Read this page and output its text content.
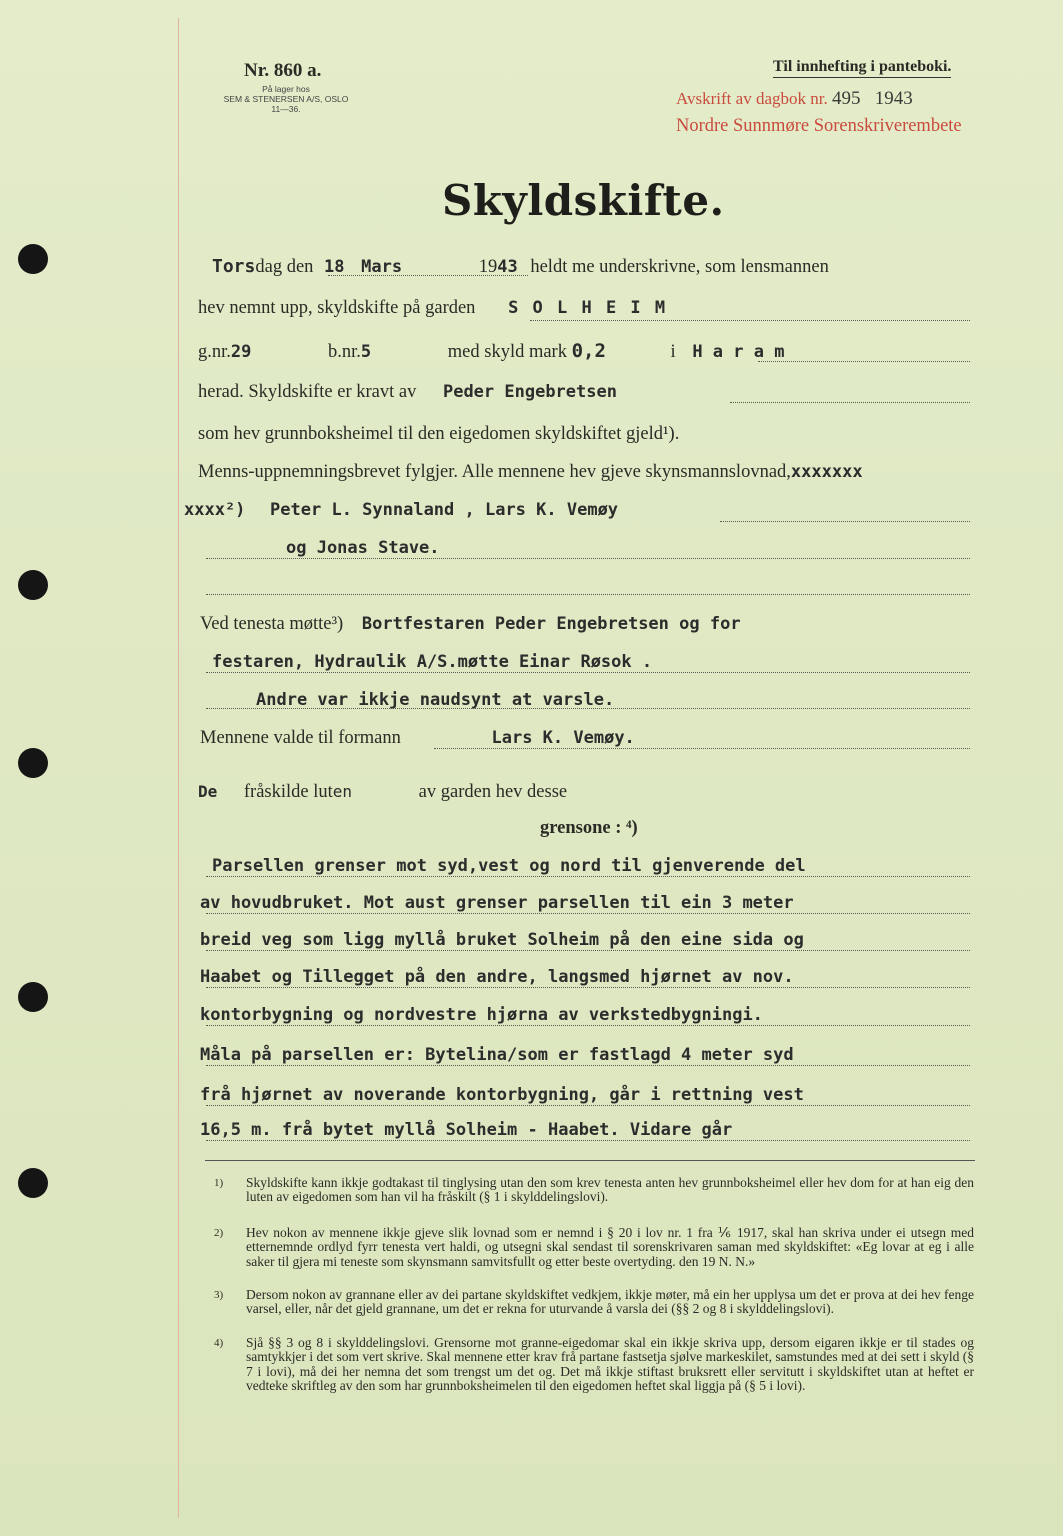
Nr. 860 a.
På lager hos
SEM & STENERSEN A/S, OSLO
11—36.
Til innhefting i panteboki.
Avskrift av dagbok nr. 495 1943
Nordre Sunnmøre Sorenskriverembete
Skyldskifte.
Torsdag den 18 Mars	1943 heldt me underskrivne, som lensmannen
hev nemnt upp, skyldskifte på garden S O L H E I M
g.nr.29	b.nr.5	med skyld mark 0,2	i H a r a m
herad. Skyldskifte er kravt av Peder Engebretsen
som hev grunnboksheimel til den eigedomen skyldskiftet gjeld¹).
Menns-uppnemningsbrevet fylgjer. Alle mennene hev gjeve skynsmannslovnad,xxxxxxx
xxxx²) Peter L. Synnaland , Lars K. Vemøy
og Jonas Stave.
Ved tenesta møtte³) Bortfestaren Peder Engebretsen og for
festaren, Hydraulik A/S.møtte Einar Røsok .
Andre var ikkje naudsynt at varsle.
Mennene valde til formann	Lars K. Vemøy.
De fråskilde luten	av garden hev desse
grensone : ⁴)
Parsellen grenser mot syd,vest og nord til gjenverende del
av hovudbruket. Mot aust grenser parsellen til ein 3 meter
breid veg som ligg myllå bruket Solheim på den eine sida og
Haabet og Tillegget på den andre, langsmed hjørnet av nov.
kontorbygning og nordvestre hjørna av verkstedbygningi.
Måla på parsellen er: Bytelina/som er fastlagd 4 meter syd
frå hjørnet av noverande kontorbygning, går i rettning vest
16,5 m. frå bytet myllå Solheim - Haabet. Vidare går
1) Skyldskifte kann ikkje godtakast til tinglysing utan den som krev tenesta anten hev grunnboksheimel eller hev dom for at han eig den luten av eigedomen som han vil ha fråskilt (§ 1 i skylddelingslovi).
2) Hev nokon av mennene ikkje gjeve slik lovnad som er nemnd i § 20 i lov nr. 1 fra ⅙ 1917, skal han skriva under ei utsegn med etternemnde ordlyd fyrr tenesta vert haldi, og utsegni skal sendast til sorenskrivaren saman med skyldskiftet: «Eg lovar at eg i alle saker til gjera mi teneste som skynsmann samvitsfullt og etter beste overtyding. den 19 N. N.»
3) Dersom nokon av grannane eller av dei partane skyldskiftet vedkjem, ikkje møter, må ein her upplysa um det er prova at dei hev fenge varsel, eller, når det gjeld grannane, um det er rekna for uturvande å varsla dei (§§ 2 og 8 i skylddelingslovi).
4) Sjå §§ 3 og 8 i skylddelingslovi. Grensorne mot granne-eigedomar skal ein ikkje skriva upp, dersom eigaren ikkje er til stades og samtykkjer i det som vert skrive. Skal mennene etter krav frå partane fastsetja sjølve markeskilet, samstundes med at dei sett i skyld (§ 7 i lovi), må dei her nemna det som trengst um det og. Det må ikkje stiftast bruksrett eller servitutt i skyldskiftet utan at heftet er vedteke skriftleg av den som har grunnboksheimelen til den eigedomen heftet skal liggja på (§ 5 i lovi).
